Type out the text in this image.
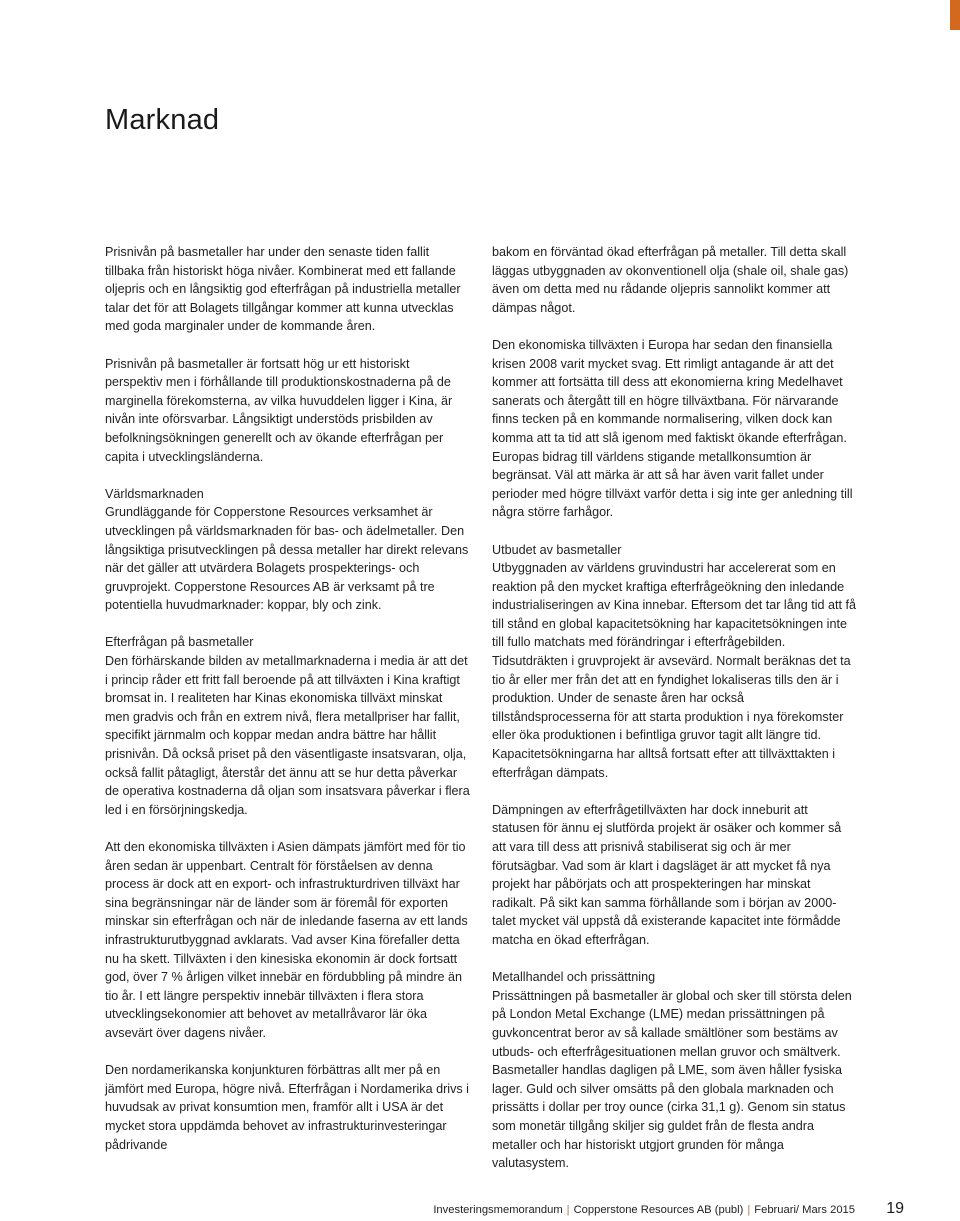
Marknad

Prisnivån på basmetaller har under den senaste tiden fallit tillbaka från historiskt höga nivåer. Kombinerat med ett fallande oljepris och en långsiktig god efterfrågan på industriella metaller talar det för att Bolagets tillgångar kommer att kunna utvecklas med goda marginaler under de kommande åren.

Prisnivån på basmetaller är fortsatt hög ur ett historiskt perspektiv men i förhållande till produktionskostnaderna på de marginella förekomsterna, av vilka huvuddelen ligger i Kina, är nivån inte oförsvarbar. Långsiktigt understöds prisbilden av befolkningsökningen generellt och av ökande efterfrågan per capita i utvecklingsländerna.

Världsmarknaden
Grundläggande för Copperstone Resources verksamhet är utvecklingen på världsmarknaden för bas- och ädelmetaller. Den långsiktiga prisutvecklingen på dessa metaller har direkt relevans när det gäller att utvärdera Bolagets prospekterings- och gruvprojekt. Copperstone Resources AB är verksamt på tre potentiella huvudmarknader: koppar, bly och zink.

Efterfrågan på basmetaller
Den förhärskande bilden av metallmarknaderna i media är att det i princip råder ett fritt fall beroende på att tillväxten i Kina kraftigt bromsat in. I realiteten har Kinas ekonomiska tillväxt minskat men gradvis och från en extrem nivå, flera metallpriser har fallit, specifikt järnmalm och koppar medan andra bättre har hållit prisnivån. Då också priset på den väsentligaste insatsvaran, olja, också fallit påtagligt, återstår det ännu att se hur detta påverkar de operativa kostnaderna då oljan som insatsvara påverkar i flera led i en försörjningskedja.

Att den ekonomiska tillväxten i Asien dämpats jämfört med för tio åren sedan är uppenbart. Centralt för förståelsen av denna process är dock att en export- och infrastrukturdriven tillväxt har sina begränsningar när de länder som är föremål för exporten minskar sin efterfrågan och när de inledande faserna av ett lands infrastrukturutbyggnad avklarats. Vad avser Kina förefaller detta nu ha skett. Tillväxten i den kinesiska ekonomin är dock fortsatt god, över 7 % årligen vilket innebär en fördubbling på mindre än tio år. I ett längre perspektiv innebär tillväxten i flera stora utvecklingsekonomier att behovet av metallråvaror lär öka avsevärt över dagens nivåer.

Den nordamerikanska konjunkturen förbättras allt mer på en jämfört med Europa, högre nivå. Efterfrågan i Nordamerika drivs i huvudsak av privat konsumtion men, framför allt i USA är det mycket stora uppdämda behovet av infrastrukturinvesteringar pådrivande

bakom en förväntad ökad efterfrågan på metaller. Till detta skall läggas utbyggnaden av okonventionell olja (shale oil, shale gas) även om detta med nu rådande oljepris sannolikt kommer att dämpas något.

Den ekonomiska tillväxten i Europa har sedan den finansiella krisen 2008 varit mycket svag. Ett rimligt antagande är att det kommer att fortsätta till dess att ekonomierna kring Medelhavet sanerats och återgått till en högre tillväxtbana. För närvarande finns tecken på en kommande normalisering, vilken dock kan komma att ta tid att slå igenom med faktiskt ökande efterfrågan. Europas bidrag till världens stigande metallkonsumtion är begränsat. Väl att märka är att så har även varit fallet under perioder med högre tillväxt varför detta i sig inte ger anledning till några större farhågor.

Utbudet av basmetaller
Utbyggnaden av världens gruvindustri har accelererat som en reaktion på den mycket kraftiga efterfrågeökning den inledande industrialiseringen av Kina innebar. Eftersom det tar lång tid att få till stånd en global kapacitetsökning har kapacitetsökningen inte till fullo matchats med förändringar i efterfrågebilden. Tidsutdräkten i gruvprojekt är avsevärd. Normalt beräknas det ta tio år eller mer från det att en fyndighet lokaliseras tills den är i produktion. Under de senaste åren har också tillståndsprocesserna för att starta produktion i nya förekomster eller öka produktionen i befintliga gruvor tagit allt längre tid. Kapacitetsökningarna har alltså fortsatt efter att tillväxttakten i efterfrågan dämpats.

Dämpningen av efterfrågetillväxten har dock inneburit att statusen för ännu ej slutförda projekt är osäker och kommer så att vara till dess att prisnivå stabiliserat sig och är mer förutsägbar. Vad som är klart i dagsläget är att mycket få nya projekt har påbörjats och att prospekteringen har minskat radikalt. På sikt kan samma förhållande som i början av 2000-talet mycket väl uppstå då existerande kapacitet inte förmådde matcha en ökad efterfrågan.

Metallhandel och prissättning
Prissättningen på basmetaller är global och sker till största delen på London Metal Exchange (LME) medan prissättningen på guvkoncentrat beror av så kallade smältlöner som bestäms av utbuds- och efterfrågesituationen mellan gruvor och smältverk. Basmetaller handlas dagligen på LME, som även håller fysiska lager. Guld och silver omsätts på den globala marknaden och prissätts i dollar per troy ounce (cirka 31,1 g). Genom sin status som monetär tillgång skiljer sig guldet från de flesta andra metaller och har historiskt utgjort grunden för många valutasystem.

Investeringsmemorandum | Copperstone Resources AB (publ) | Februari/ Mars 2015 19
